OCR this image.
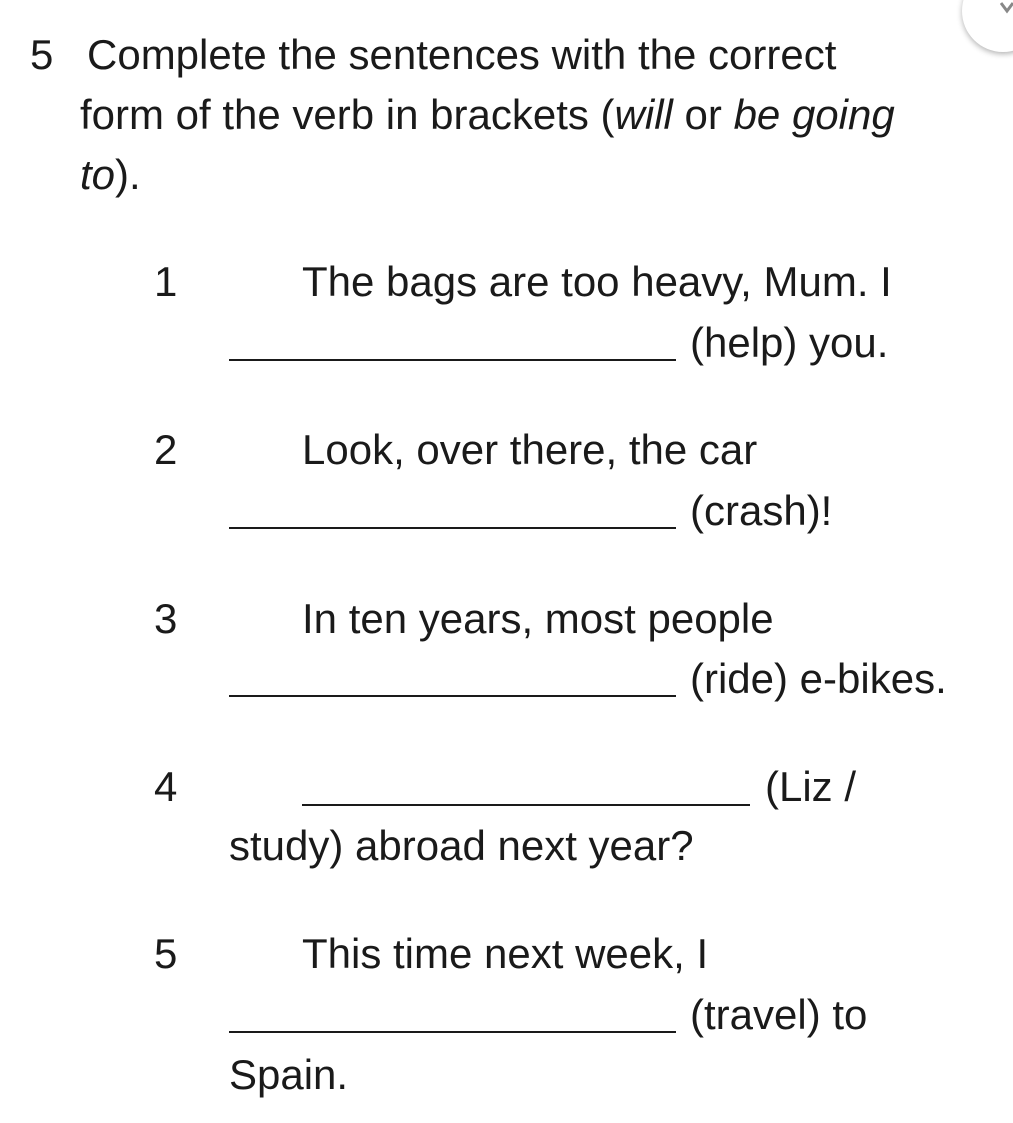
5 Complete the sentences with the correct
form of the verb in brackets (will or be going
to).
1	The bags are too heavy, Mum. I
(help) you.
2	Look, over there, the car
(crash)!
3	In ten years, most people
(ride) e-bikes.
4	(Liz /
study) abroad next year?
5	This time next week, I
(travel) to
Spain.
